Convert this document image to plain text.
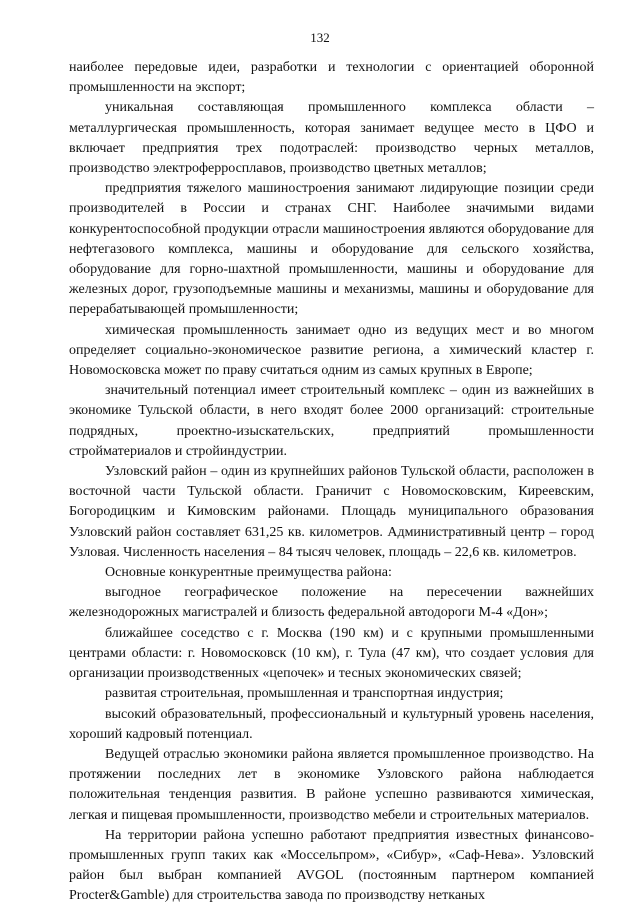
132

наиболее передовые идеи, разработки и технологии с ориентацией оборонной промышленности на экспорт;

уникальная составляющая промышленного комплекса области – металлургическая промышленность, которая занимает ведущее место в ЦФО и включает предприятия трех подотраслей: производство черных металлов, производство электроферросплавов, производство цветных металлов;

предприятия тяжелого машиностроения занимают лидирующие позиции среди производителей в России и странах СНГ. Наиболее значимыми видами конкурентоспособной продукции отрасли машиностроения являются оборудование для нефтегазового комплекса, машины и оборудование для сельского хозяйства, оборудование для горно-шахтной промышленности, машины и оборудование для железных дорог, грузоподъемные машины и механизмы, машины и оборудование для перерабатывающей промышленности;

химическая промышленность занимает одно из ведущих мест и во многом определяет социально-экономическое развитие региона, а химический кластер г. Новомосковска может по праву считаться одним из самых крупных в Европе;

значительный потенциал имеет строительный комплекс – один из важнейших в экономике Тульской области, в него входят более 2000 организаций: строительные подрядных, проектно-изыскательских, предприятий промышленности стройматериалов и стройиндустрии.

Узловский район – один из крупнейших районов Тульской области, расположен в восточной части Тульской области. Граничит с Новомосковским, Киреевским, Богородицким и Кимовским районами. Площадь муниципального образования Узловский район составляет 631,25 кв. километров. Административный центр – город Узловая. Численность населения – 84 тысяч человек, площадь – 22,6 кв. километров.

Основные конкурентные преимущества района:

выгодное географическое положение на пересечении важнейших железнодорожных магистралей и близость федеральной автодороги М-4 «Дон»;

ближайшее соседство с г. Москва (190 км) и с крупными промышленными центрами области: г. Новомосковск (10 км), г. Тула (47 км), что создает условия для организации производственных «цепочек» и тесных экономических связей;

развитая строительная, промышленная и транспортная индустрия;

высокий образовательный, профессиональный и культурный уровень населения, хороший кадровый потенциал.

Ведущей отраслью экономики района является промышленное производство. На протяжении последних лет в экономике Узловского района наблюдается положительная тенденция развития. В районе успешно развиваются химическая, легкая и пищевая промышленности, производство мебели и строительных материалов.

На территории района успешно работают предприятия известных финансово-промышленных групп таких как «Моссельпром», «Сибур», «Саф-Нева». Узловский район был выбран компанией AVGOL (постоянным партнером компанией Procter&Gamble) для строительства завода по производству нетканых
